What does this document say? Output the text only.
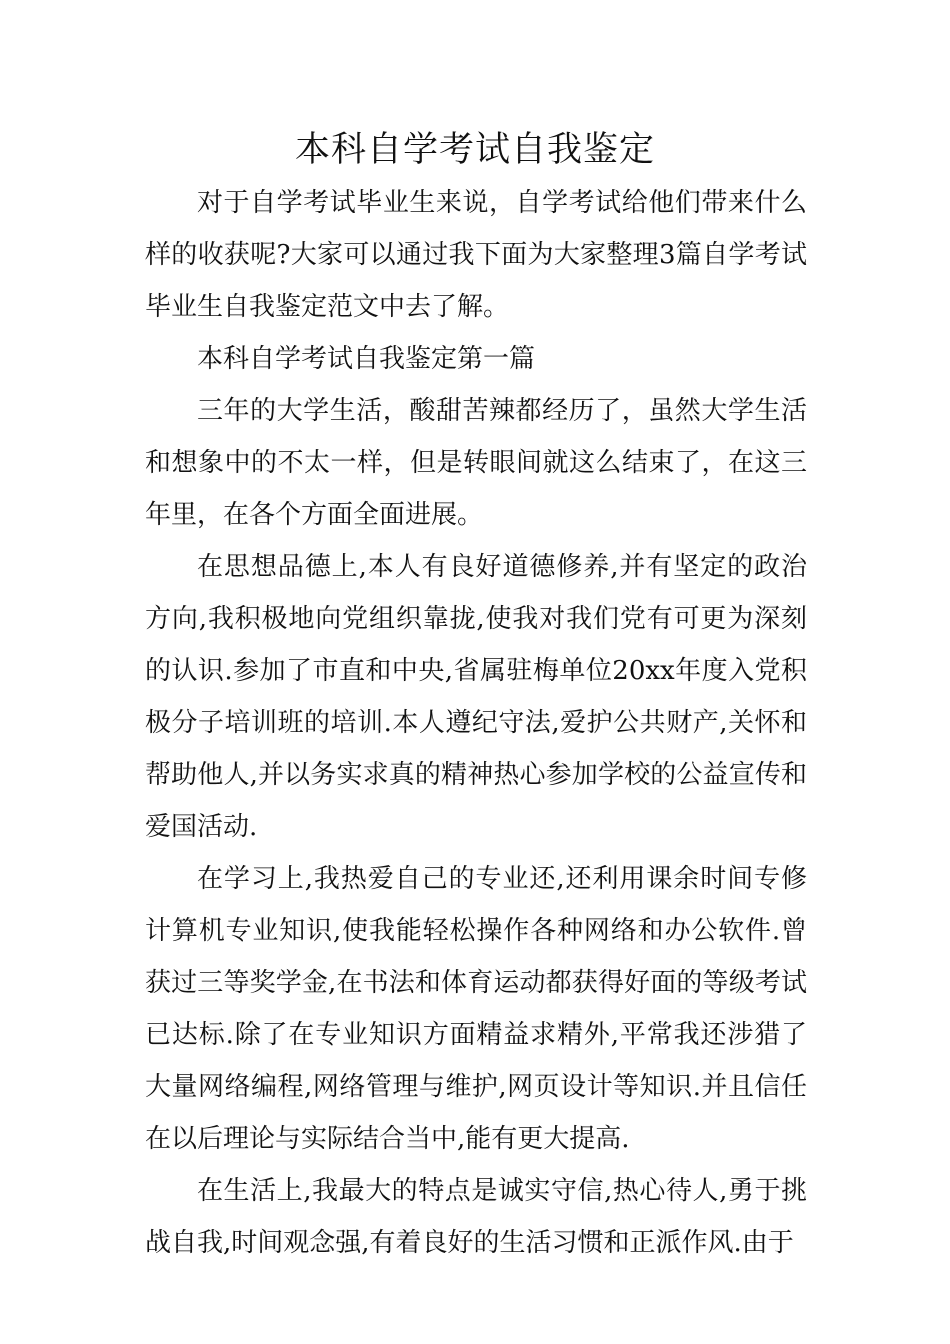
本科自学考试自我鉴定

对于自学考试毕业生来说，自学考试给他们带来什么样的收获呢?大家可以通过我下面为大家整理3篇自学考试毕业生自我鉴定范文中去了解。

本科自学考试自我鉴定第一篇

三年的大学生活，酸甜苦辣都经历了，虽然大学生活和想象中的不太一样，但是转眼间就这么结束了，在这三年里，在各个方面全面进展。

在思想品德上,本人有良好道德修养,并有坚定的政治方向,我积极地向党组织靠拢,使我对我们党有可更为深刻的认识.参加了市直和中央,省属驻梅单位20xx年度入党积极分子培训班的培训.本人遵纪守法,爱护公共财产,关怀和帮助他人,并以务实求真的精神热心参加学校的公益宣传和爱国活动.

在学习上,我热爱自己的专业还,还利用课余时间专修计算机专业知识,使我能轻松操作各种网络和办公软件.曾获过三等奖学金,在书法和体育运动都获得好面的等级考试已达标.除了在专业知识方面精益求精外,平常我还涉猎了大量网络编程,网络管理与维护,网页设计等知识.并且信任在以后理论与实际结合当中,能有更大提高.

在生活上,我最大的特点是诚实守信,热心待人,勇于挑战自我,时间观念强,有着良好的生活习惯和正派作风.由于
